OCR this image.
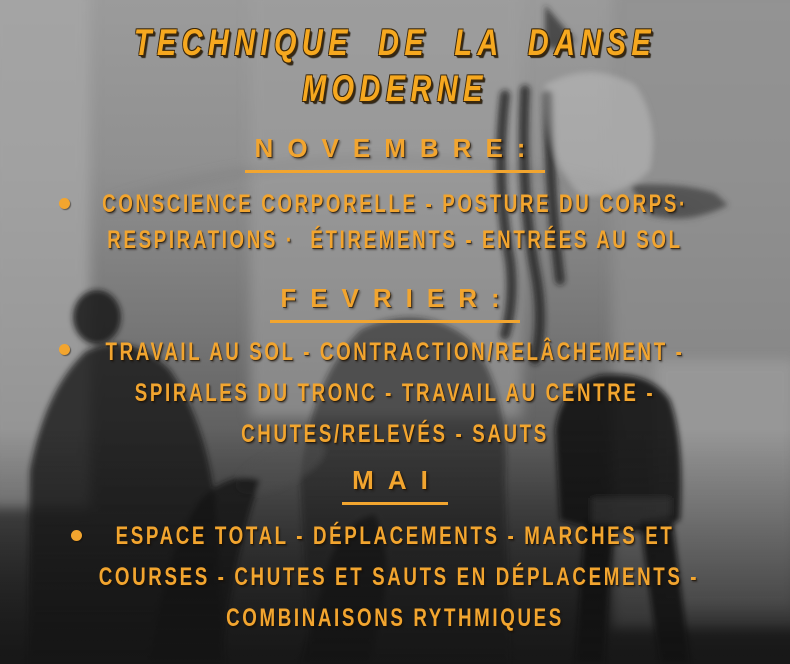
TECHNIQUE DE LA DANSE
MODERNE
NOVEMBRE:
CONSCIENCE CORPORELLE - POSTURE DU CORPS·
RESPIRATIONS ·  ÉTIREMENTS - ENTRÉES AU SOL
FEVRIER:
TRAVAIL AU SOL - CONTRACTION/RELÂCHEMENT -
SPIRALES DU TRONC - TRAVAIL AU CENTRE -
CHUTES/RELEVÉS - SAUTS
MAI
ESPACE TOTAL - DÉPLACEMENTS - MARCHES ET
COURSES - CHUTES ET SAUTS EN DÉPLACEMENTS -
COMBINAISONS RYTHMIQUES
